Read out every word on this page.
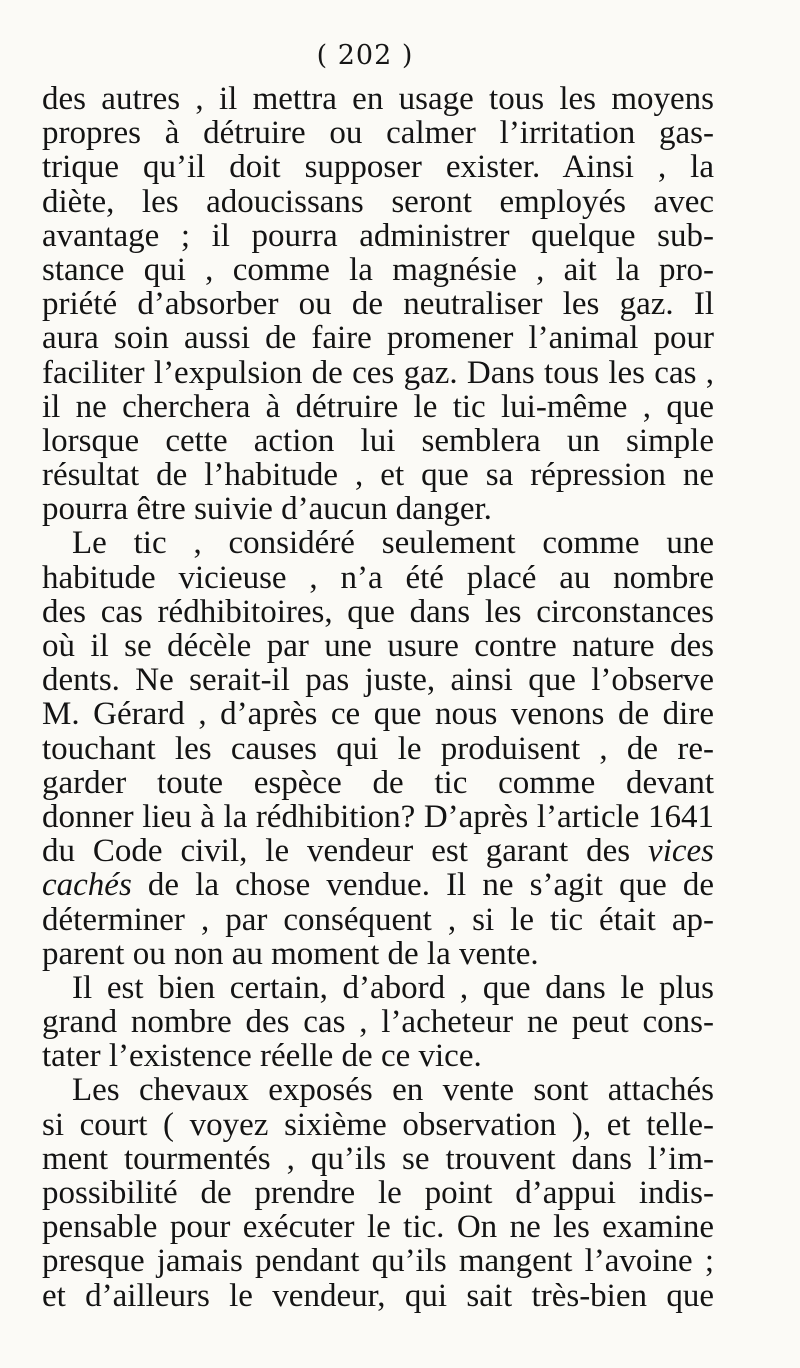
( 202 )
des autres , il mettra en usage tous les moyens
propres à détruire ou calmer l’irritation gas-
trique qu’il doit supposer exister. Ainsi , la
diète, les adoucissans seront employés avec
avantage ; il pourra administrer quelque sub-
stance qui , comme la magnésie , ait la pro-
priété d’absorber ou de neutraliser les gaz. Il
aura soin aussi de faire promener l’animal pour
faciliter l’expulsion de ces gaz. Dans tous les cas ,
il ne cherchera à détruire le tic lui-même , que
lorsque cette action lui semblera un simple
résultat de l’habitude , et que sa répression ne
pourra être suivie d’aucun danger.
Le tic , considéré seulement comme une
habitude vicieuse , n’a été placé au nombre
des cas rédhibitoires, que dans les circonstances
où il se décèle par une usure contre nature des
dents. Ne serait-il pas juste, ainsi que l’observe
M. Gérard , d’après ce que nous venons de dire
touchant les causes qui le produisent , de re-
garder toute espèce de tic comme devant
donner lieu à la rédhibition? D’après l’article 1641
du Code civil, le vendeur est garant des vices
cachés de la chose vendue. Il ne s’agit que de
déterminer , par conséquent , si le tic était ap-
parent ou non au moment de la vente.
Il est bien certain, d’abord , que dans le plus
grand nombre des cas , l’acheteur ne peut cons-
tater l’existence réelle de ce vice.
Les chevaux exposés en vente sont attachés
si court ( voyez sixième observation ), et telle-
ment tourmentés , qu’ils se trouvent dans l’im-
possibilité de prendre le point d’appui indis-
pensable pour exécuter le tic. On ne les examine
presque jamais pendant qu’ils mangent l’avoine ;
et d’ailleurs le vendeur, qui sait très-bien que
